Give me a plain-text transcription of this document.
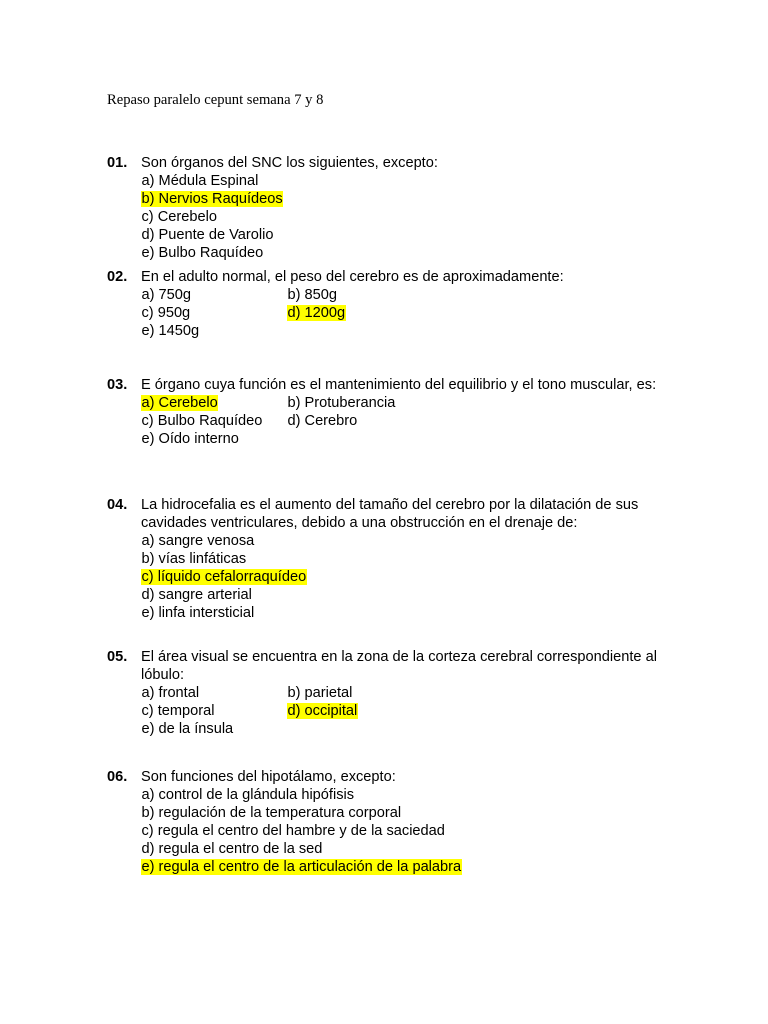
Repaso paralelo cepunt semana 7 y 8
01. Son órganos del SNC los siguientes, excepto:
a) Médula Espinal
b) Nervios Raquídeos
c) Cerebelo
d) Puente de Varolio
e) Bulbo Raquídeo
02. En el adulto normal, el peso del cerebro es de aproximadamente:
a) 750g	b) 850g
c) 950g	d) 1200g
e) 1450g
03. E órgano cuya función es el mantenimiento del equilibrio y el tono muscular, es:
a) Cerebelo	b) Protuberancia
c) Bulbo Raquídeo	d) Cerebro
e) Oído interno
04. La hidrocefalia es el aumento del tamaño del cerebro por la dilatación de sus cavidades ventriculares, debido a una obstrucción en el drenaje de:
a) sangre venosa
b) vías linfáticas
c) líquido cefalorraquídeo
d) sangre arterial
e) linfa intersticial
05. El área visual se encuentra en la zona de la corteza cerebral correspondiente al lóbulo:
a) frontal	b) parietal
c) temporal	d) occipital
e) de la ínsula
06. Son funciones del hipotálamo, excepto:
a) control de la glándula hipófisis
b) regulación de la temperatura corporal
c) regula el centro del hambre y de la saciedad
d) regula el centro de la sed
e) regula el centro de la articulación de la palabra
